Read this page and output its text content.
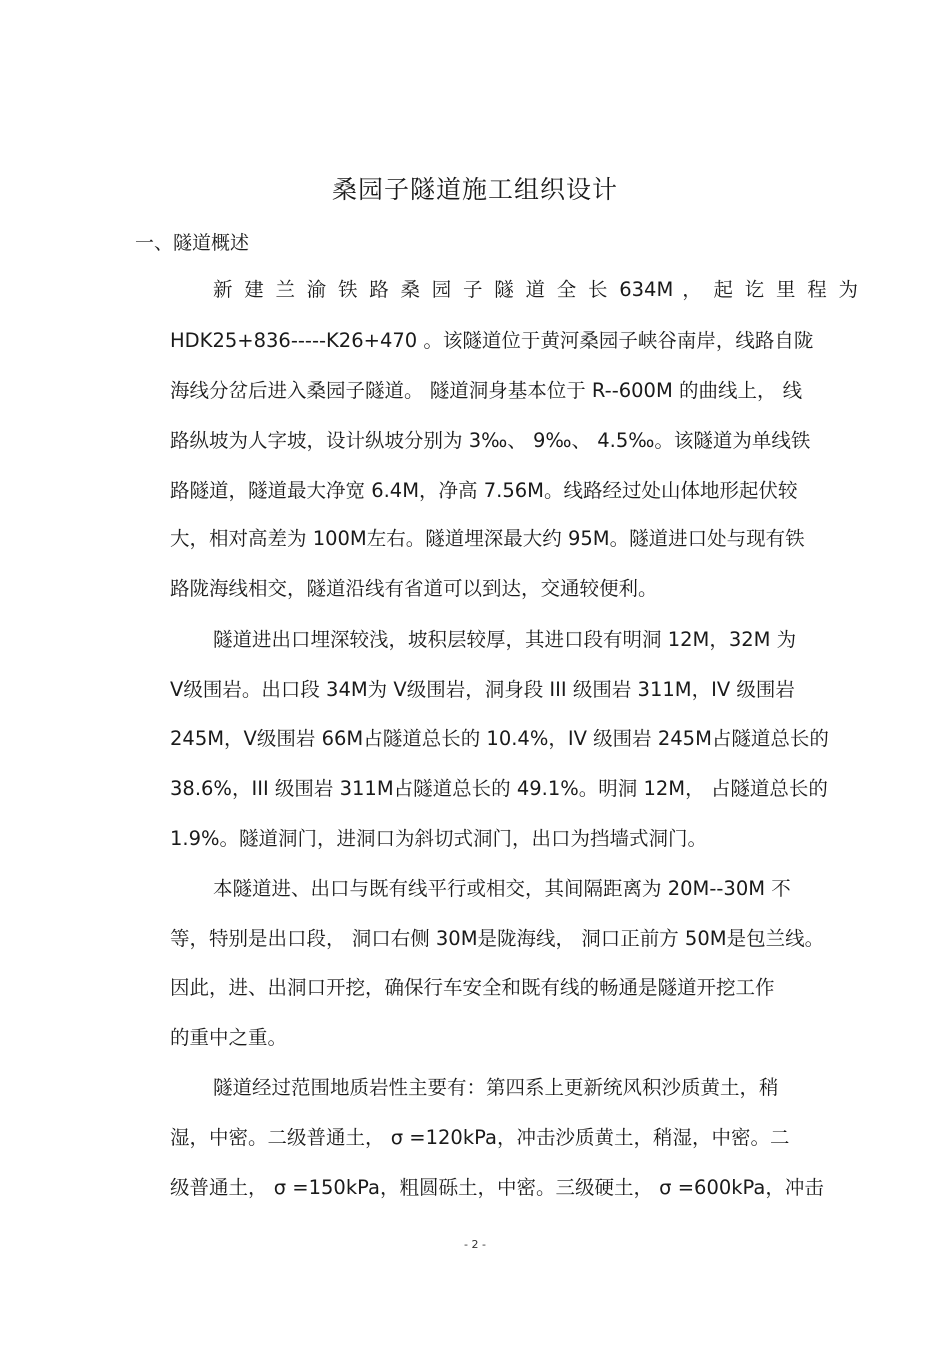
桑园子隧道施工组织设计
一、隧道概述
新 建 兰 渝 铁 路 桑 园 子 隧 道 全 长 634M ， 起 讫 里 程 为
HDK25+836-----K26+470 。该隧道位于黄河桑园子峡谷南岸，线路自陇
海线分岔后进入桑园子隧道。 隧道洞身基本位于 R--600M 的曲线上， 线
路纵坡为人字坡，设计纵坡分别为 3‰、 9‰、 4.5‰。该隧道为单线铁
路隧道，隧道最大净宽 6.4M，净高 7.56M。线路经过处山体地形起伏较
大，相对高差为 100M左右。隧道埋深最大约 95M。隧道进口处与现有铁
路陇海线相交，隧道沿线有省道可以到达，交通较便利。
隧道进出口埋深较浅，坡积层较厚，其进口段有明洞 12M，32M 为
V级围岩。出口段 34M为 V级围岩，洞身段 III 级围岩 311M，IV 级围岩
245M，V级围岩 66M占隧道总长的 10.4%，IV 级围岩 245M占隧道总长的
38.6%，III 级围岩 311M占隧道总长的 49.1%。明洞 12M， 占隧道总长的
1.9%。隧道洞门，进洞口为斜切式洞门，出口为挡墙式洞门。
本隧道进、出口与既有线平行或相交，其间隔距离为 20M--30M 不
等，特别是出口段， 洞口右侧 30M是陇海线， 洞口正前方 50M是包兰线。
因此，进、出洞口开挖，确保行车安全和既有线的畅通是隧道开挖工作
的重中之重。
隧道经过范围地质岩性主要有：第四系上更新统风积沙质黄土，稍
湿，中密。二级普通土， σ =120kPa，冲击沙质黄土，稍湿，中密。二
级普通土， σ =150kPa，粗圆砾土，中密。三级硬土， σ =600kPa，冲击
- 2 -
